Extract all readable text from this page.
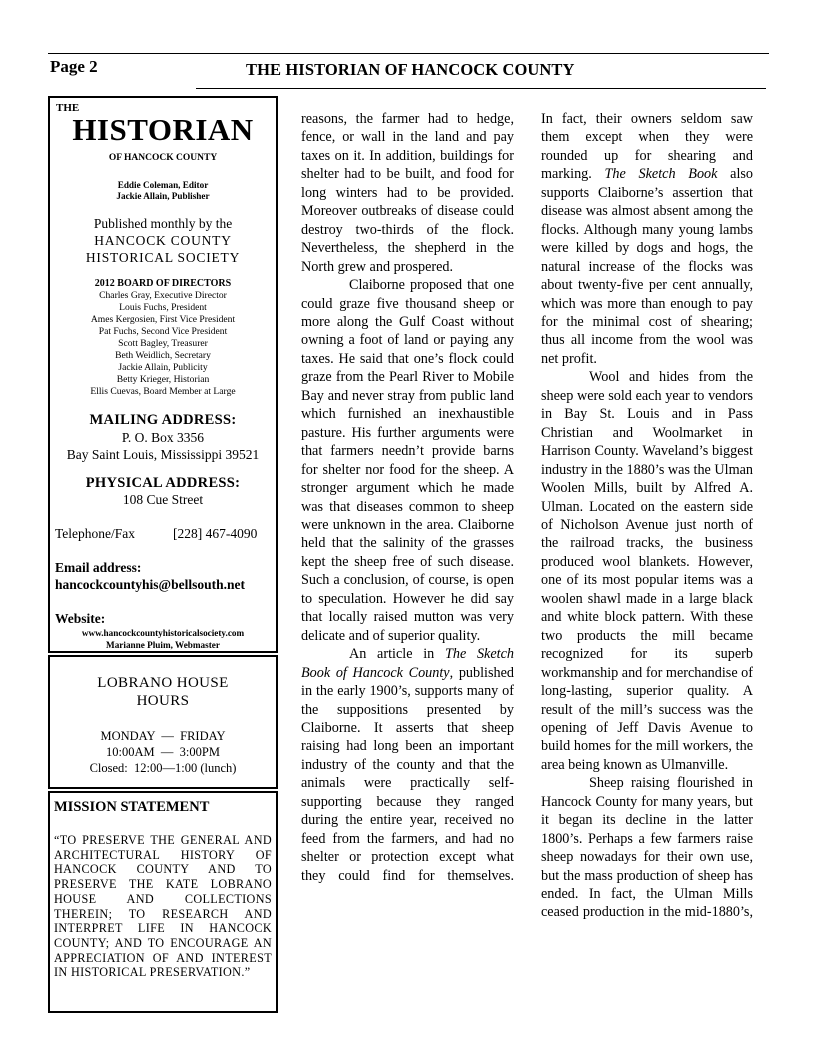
Page 2	THE HISTORIAN OF HANCOCK COUNTY
THE
HISTORIAN
OF HANCOCK COUNTY
Eddie Coleman, Editor
Jackie Allain, Publisher
Published monthly by the
HANCOCK COUNTY
HISTORICAL SOCIETY
2012 BOARD OF DIRECTORS
Charles Gray, Executive Director
Louis Fuchs, President
Ames Kergosien, First Vice President
Pat Fuchs, Second Vice President
Scott Bagley, Treasurer
Beth Weidlich, Secretary
Jackie Allain, Publicity
Betty Krieger, Historian
Ellis Cuevas, Board Member at Large
MAILING ADDRESS:
P. O. Box 3356
Bay Saint Louis, Mississippi 39521
PHYSICAL ADDRESS:
108 Cue Street
Telephone/Fax	[228] 467-4090
Email address:
hancockcountyhis@bellsouth.net
Website:
www.hancockcountyhistoricalsociety.com
Marianne Pluim, Webmaster
LOBRANO HOUSE
HOURS
MONDAY  —  FRIDAY
10:00AM  —  3:00PM
Closed:  12:00—1:00 (lunch)
MISSION STATEMENT
“TO PRESERVE THE GENERAL AND ARCHITECTURAL HISTORY OF HANCOCK COUNTY AND TO PRESERVE THE KATE LOBRANO HOUSE AND COLLECTIONS THEREIN; TO RESEARCH AND INTERPRET LIFE IN HANCOCK COUNTY; AND TO ENCOURAGE AN APPRECIATION OF AND INTEREST IN HISTORICAL PRESERVATION.”

reasons, the farmer had to hedge, fence, or wall in the land and pay taxes on it. In addition, buildings for shelter had to be built, and food for long winters had to be provided. Moreover outbreaks of disease could destroy two-thirds of the flock. Nevertheless, the shepherd in the North grew and prospered.

Claiborne proposed that one could graze five thousand sheep or more along the Gulf Coast without owning a foot of land or paying any taxes. He said that one’s flock could graze from the Pearl River to Mobile Bay and never stray from public land which furnished an inexhaustible pasture. His further arguments were that farmers needn’t provide barns for shelter nor food for the sheep. A stronger argument which he made was that diseases common to sheep were unknown in the area. Claiborne held that the salinity of the grasses kept the sheep free of such disease. Such a conclusion, of course, is open to speculation. However he did say that locally raised mutton was very delicate and of superior quality.

An article in The Sketch Book of Hancock County, published in the early 1900’s, supports many of the suppositions presented by Claiborne. It asserts that sheep raising had long been an important industry of the county and that the animals were practically self-supporting because they ranged during the entire year, received no feed from the farmers, and had no shelter or protection except what they could find for themselves.

In fact, their owners seldom saw them except when they were rounded up for shearing and marking. The Sketch Book also supports Claiborne’s assertion that disease was almost absent among the flocks. Although many young lambs were killed by dogs and hogs, the natural increase of the flocks was about twenty-five per cent annually, which was more than enough to pay for the minimal cost of shearing; thus all income from the wool was net profit.

Wool and hides from the sheep were sold each year to vendors in Bay St. Louis and in Pass Christian and Woolmarket in Harrison County. Waveland’s biggest industry in the 1880’s was the Ulman Woolen Mills, built by Alfred A. Ulman. Located on the eastern side of Nicholson Avenue just north of the railroad tracks, the business produced wool blankets. However, one of its most popular items was a woolen shawl made in a large black and white block pattern. With these two products the mill became recognized for its superb workmanship and for merchandise of long-lasting, superior quality. A result of the mill’s success was the opening of Jeff Davis Avenue to build homes for the mill workers, the area being known as Ulmanville.

Sheep raising flourished in Hancock County for many years, but it began its decline in the latter 1800’s. Perhaps a few farmers raise sheep nowadays for their own use, but the mass production of sheep has ended. In fact, the Ulman Mills ceased production in the mid-1880’s,
